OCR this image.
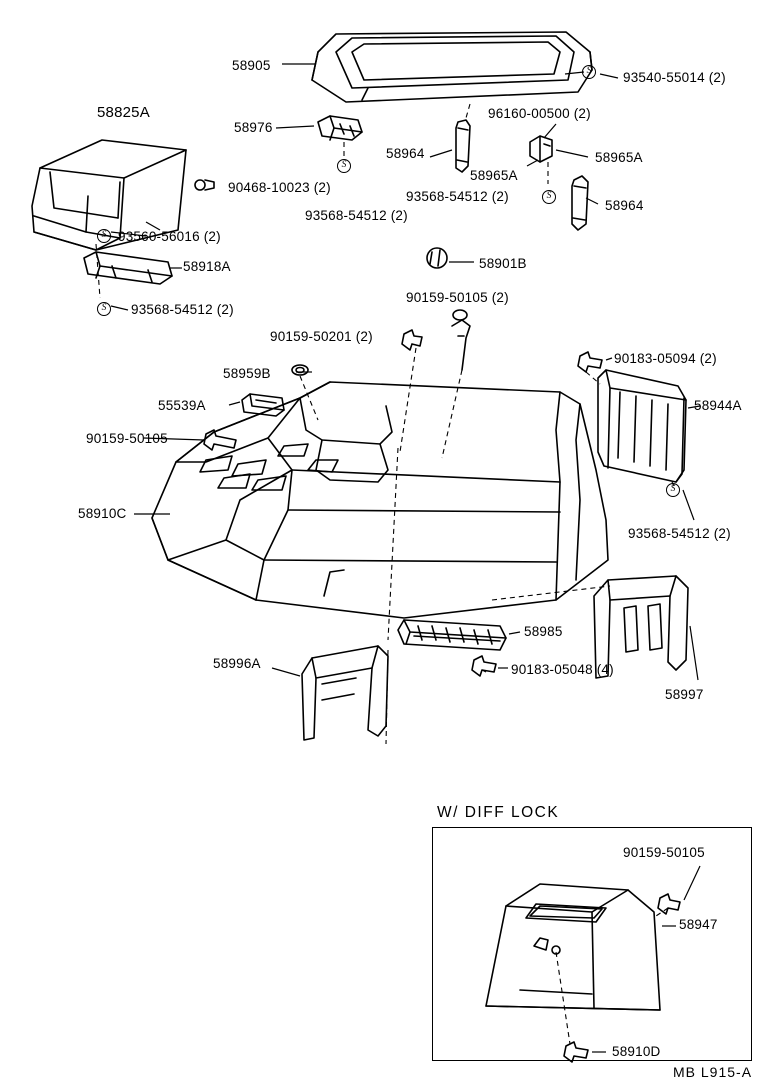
S
S
S
S
S
S
58905
93540-55014 (2)
58825A
58976
96160-00500 (2)
58964	58965A
58965A
90468-10023 (2)
93568-54512 (2)
58964
93568-54512 (2)
93560-56016 (2)
58918A	58901B
93568-54512 (2)
90159-50105 (2)
90159-50201 (2)
90183-05094 (2)
58959B
58944A
55539A
90159-50105
58910C
93568-54512 (2)
58985
58996A	90183-05048 (4)
58997
W/ DIFF LOCK
90159-50105
58947
58910D
MB L915-A
